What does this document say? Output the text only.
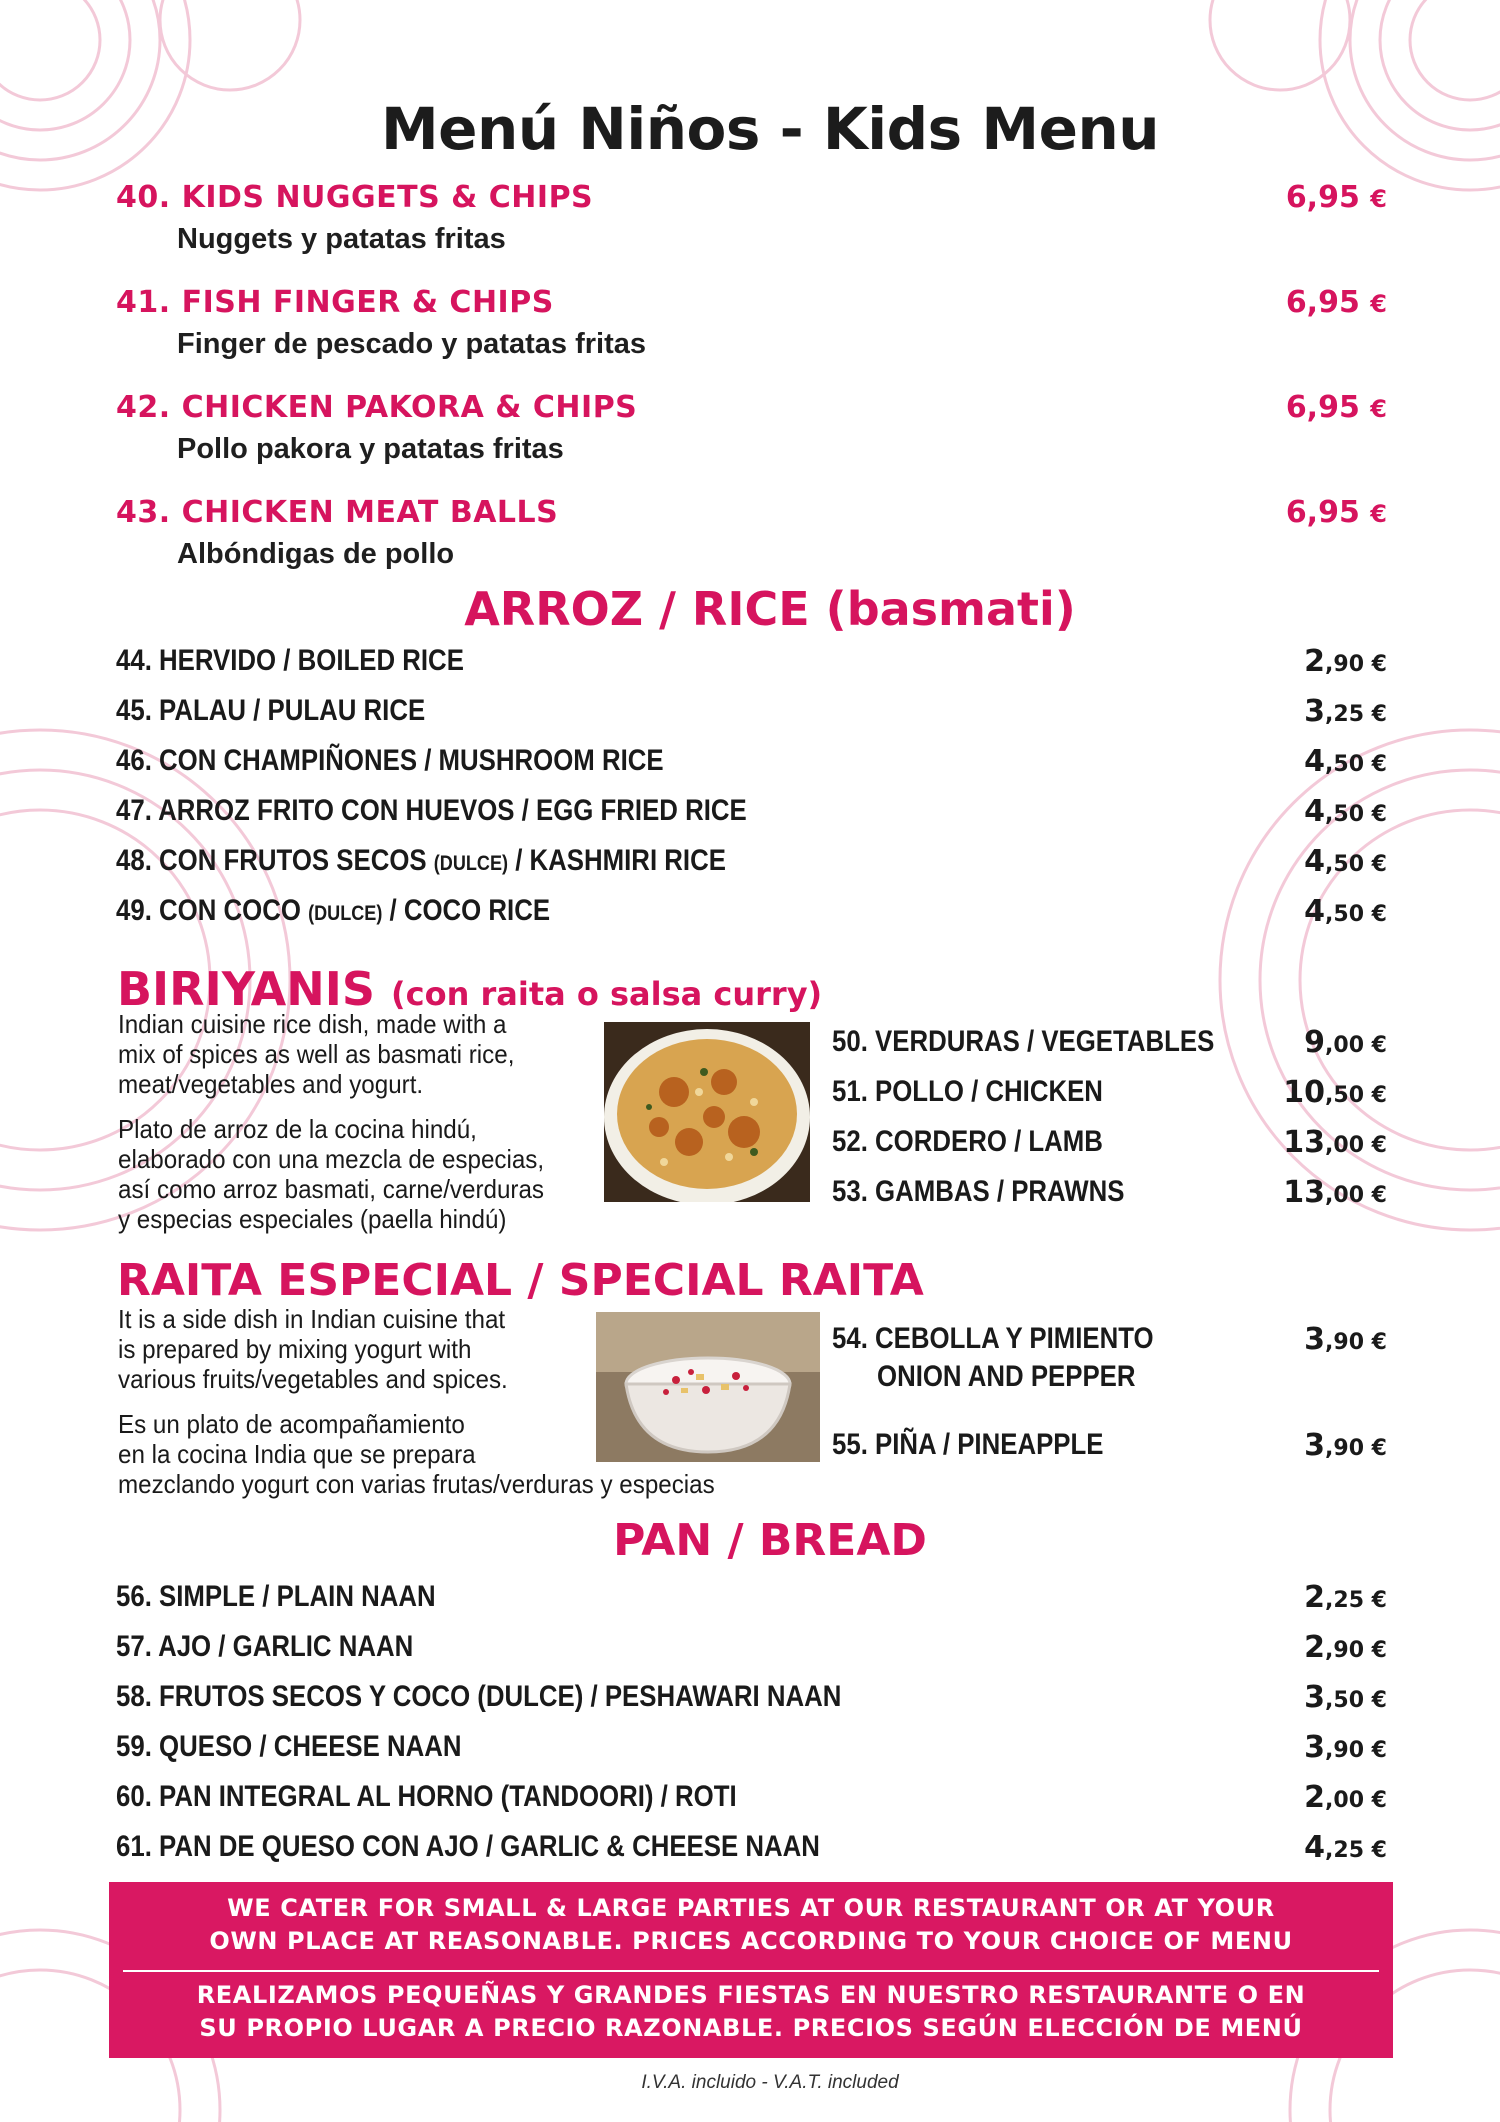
Menú Niños - Kids Menu
40. KIDS NUGGETS & CHIPS
Nuggets y patatas fritas
6,95 €
41. FISH FINGER & CHIPS
Finger de pescado y patatas fritas
6,95 €
42. CHICKEN PAKORA & CHIPS
Pollo pakora y patatas fritas
6,95 €
43. CHICKEN MEAT BALLS
Albóndigas de pollo
6,95 €
ARROZ / RICE (basmati)
44. HERVIDO / BOILED RICE	2,90 €
45. PALAU / PULAU RICE	3,25 €
46. CON CHAMPIÑONES / MUSHROOM RICE	4,50 €
47. ARROZ FRITO CON HUEVOS / EGG FRIED RICE	4,50 €
48. CON FRUTOS SECOS (DULCE) / KASHMIRI RICE	4,50 €
49. CON COCO (DULCE) / COCO RICE	4,50 €
BIRIYANIS (con raita o salsa curry)
Indian cuisine rice dish, made with a
mix of spices as well as basmati rice,
meat/vegetables and yogurt.
Plato de arroz de la cocina hindú,
elaborado con una mezcla de especias,
así como arroz basmati, carne/verduras
y especias especiales (paella hindú)
50. VERDURAS / VEGETABLES	9,00 €
51. POLLO / CHICKEN	10,50 €
52. CORDERO / LAMB	13,00 €
53. GAMBAS / PRAWNS	13,00 €
RAITA ESPECIAL / SPECIAL RAITA
It is a side dish in Indian cuisine that
is prepared by mixing yogurt with
various fruits/vegetables and spices.
Es un plato de acompañamiento
en la cocina India que se prepara
mezclando yogurt con varias frutas/verduras y especias
54. CEBOLLA Y PIMIENTO
ONION AND PEPPER
3,90 €
55. PIÑA / PINEAPPLE	3,90 €
PAN / BREAD
56. SIMPLE / PLAIN NAAN	2,25 €
57. AJO / GARLIC NAAN	2,90 €
58. FRUTOS SECOS Y COCO (DULCE) / PESHAWARI NAAN	3,50 €
59. QUESO / CHEESE NAAN	3,90 €
60. PAN INTEGRAL AL HORNO (TANDOORI) / ROTI	2,00 €
61. PAN DE QUESO CON AJO / GARLIC & CHEESE NAAN	4,25 €
WE CATER FOR SMALL & LARGE PARTIES AT OUR RESTAURANT OR AT YOUR
OWN PLACE AT REASONABLE. PRICES ACCORDING TO YOUR CHOICE OF MENU
REALIZAMOS PEQUEÑAS Y GRANDES FIESTAS EN NUESTRO RESTAURANTE O EN
SU PROPIO LUGAR A PRECIO RAZONABLE. PRECIOS SEGÚN ELECCIÓN DE MENÚ
I.V.A. incluido - V.A.T. included
